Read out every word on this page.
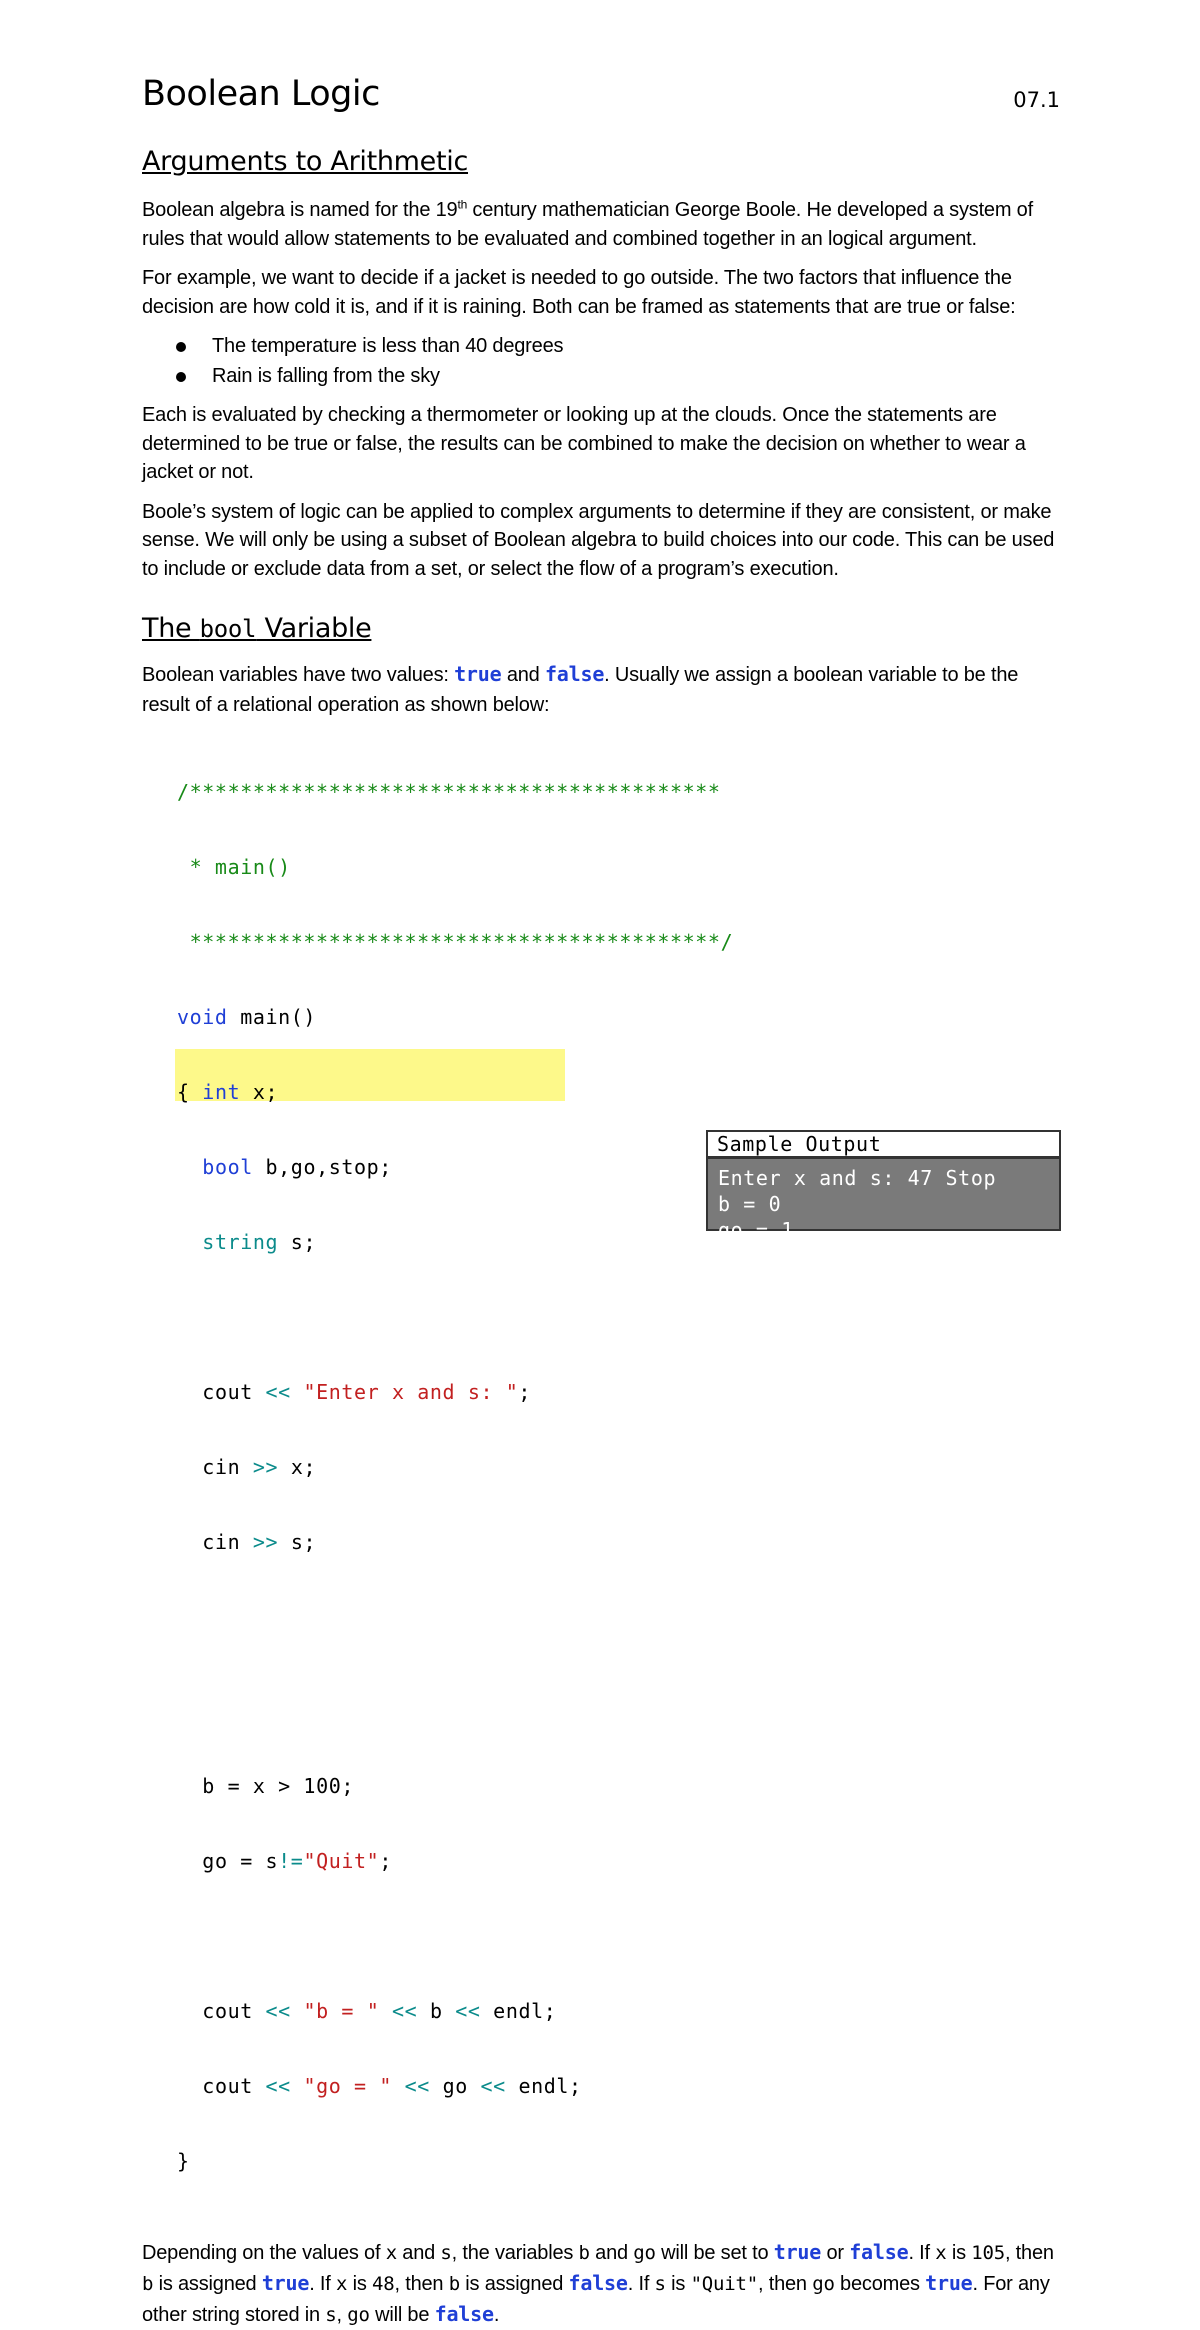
Boolean Logic	07.1
Arguments to Arithmetic

Boolean algebra is named for the 19th century mathematician George Boole. He developed a system of rules that would allow statements to be evaluated and combined together in an logical argument.

For example, we want to decide if a jacket is needed to go outside. The two factors that influence the decision are how cold it is, and if it is raining. Both can be framed as statements that are true or false:

The temperature is less than 40 degrees
Rain is falling from the sky

Each is evaluated by checking a thermometer or looking up at the clouds. Once the statements are determined to be true or false, the results can be combined to make the decision on whether to wear a jacket or not.

Boole’s system of logic can be applied to complex arguments to determine if they are consistent, or make sense. We will only be using a subset of Boolean algebra to build choices into our code. This can be used to include or exclude data from a set, or select the flow of a program’s execution.

The bool Variable

Boolean variables have two values: true and false. Usually we assign a boolean variable to be the result of a relational operation as shown below:

/******************************************

* main()

******************************************/

void main()

{ int x;

bool b,go,stop;

string s;

cout << "Enter x and s: ";

cin >> x;

cin >> s;

b = x > 100;

go = s!="Quit";

cout << "b = " << b << endl;

cout << "go = " << go << endl;

}

Depending on the values of x and s, the variables b and go will be set to true or false. If x is 105, then b is assigned true. If x is 48, then b is assigned false. If s is "Quit", then go becomes true. For any other string stored in s, go will be false.

Sample Output
Enter x and s: 47 Stop
b = 0
go = 1
